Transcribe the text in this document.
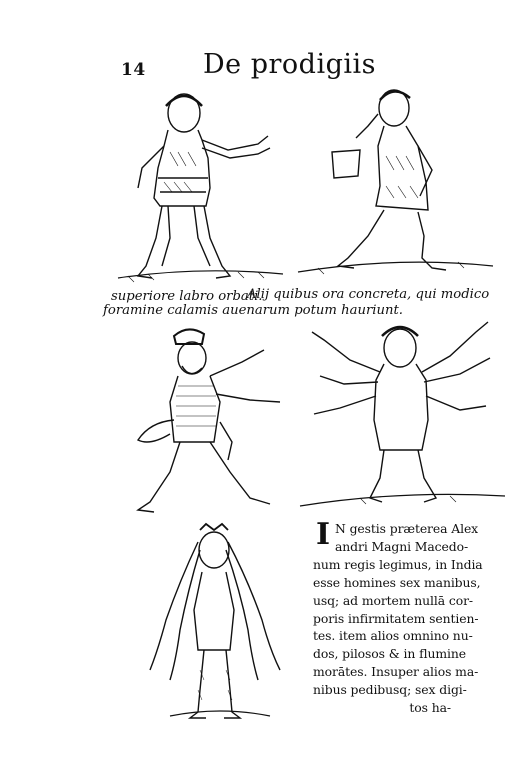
14 De prodigiis
superiore labro orbati.
Alij quibus ora concreta, qui modico
foramine calamis auenarum potum hauriunt.
I N gestis præterea Alex
andri Magni Macedo-
num regis legimus, in India
esse homines sex manibus,
usq; ad mortem nullā cor-
poris infirmitatem sentien-
tes. item alios omnino nu-
dos, pilosos & in flumine
morātes. Insuper alios ma-
nibus pedibusq; sex digi-
tos ha-
